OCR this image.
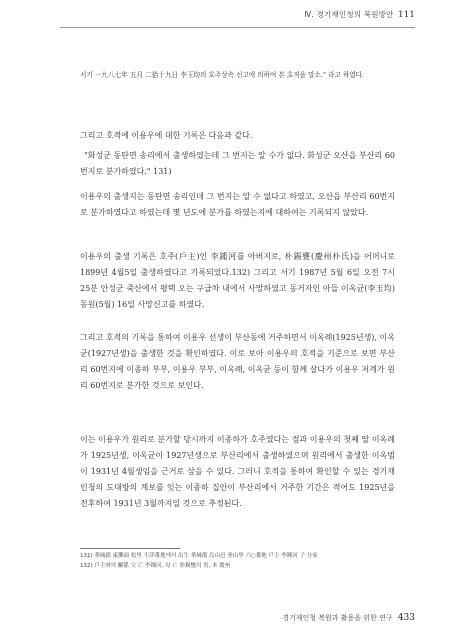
Ⅳ. 경기재인청의 복원방안 111

서기 一九八七年 五月 二拾十九日 李玉均의 호주상속 신고에 의하여 본 호적을 말소." 라고 하였다.

그리고 호적에 이용우에 대한 기록은 다음과 같다.

"화성군 동탄면 송리에서 출생하였는데 그 번지는 알 수가 없다. 화성군 오산읍 부산리 60번지로 분가하였다." 131)

이용우의 출생지는 동탄면 송리인데 그 번지는 알 수 없다고 하였고, 오산읍 부산리 60번지로 분가하였다고 하였는데 몇 년도에 분가를 하였는지에 대하여는 기록되지 않았다.

이용우의 출생 기록은 호주(戶主)인 李鍾河를 아버지로, 朴錫甕(慶州朴氏)을 어머니로 1899년 4월5일 출생하였다고 기록되었다.132) 그리고 서기 1987년 5월 6일 오전 7시 25분 안성군 죽산에서 평택 오는 구급차 내에서 사망하였고 동거자인 아들 이옥균(李玉均) 동원(5월) 16일 사망신고를 하였다.

그리고 호적의 기록을 통하여 이용우 선생이 부산동에 거주하면서 이옥례(1925년생), 이옥균(1927년생)을 출생한 것을 확인하였다. 이로 보아 이용우의 호적을 기준으로 보면 부산리 60번지에 이종하 부부, 이용우 부부, 이옥례, 이옥균 등이 함께 살다가 이용우 저계가 원리 60번지로 분가한 것으로 보인다.

이는 이용우가 원리로 분가할 당시까지 이종하가 호주였다는 점과 이용우의 첫째 딸 이옥례가 1925년생, 이옥균이 1927년생으로 부산리에서 출생하였으며 원리에서 출생한 이옥범이 1931년 4월생임을 근거로 삼을 수 있다. 그러니 호적을 통하여 확인할 수 있는 경기재인청의 도대방의 계보를 잇는 이종하 집안이 부산리에서 거주한 기간은 적어도 1925년을 전후하여 1931년 3월까지일 것으로 추정된다.

131) 華城郡 東灘面 松里 不詳番地에서 出生 華城郡 烏山邑 釜山里 六○番地 戶主 李鍾河 子 分家
132) 戶主와의 關係 父 亡 李鍾河, 母 亡 朴錫甕의 男, 本 慶州
경기재인청 복원과 활용을 위한 연구 433
